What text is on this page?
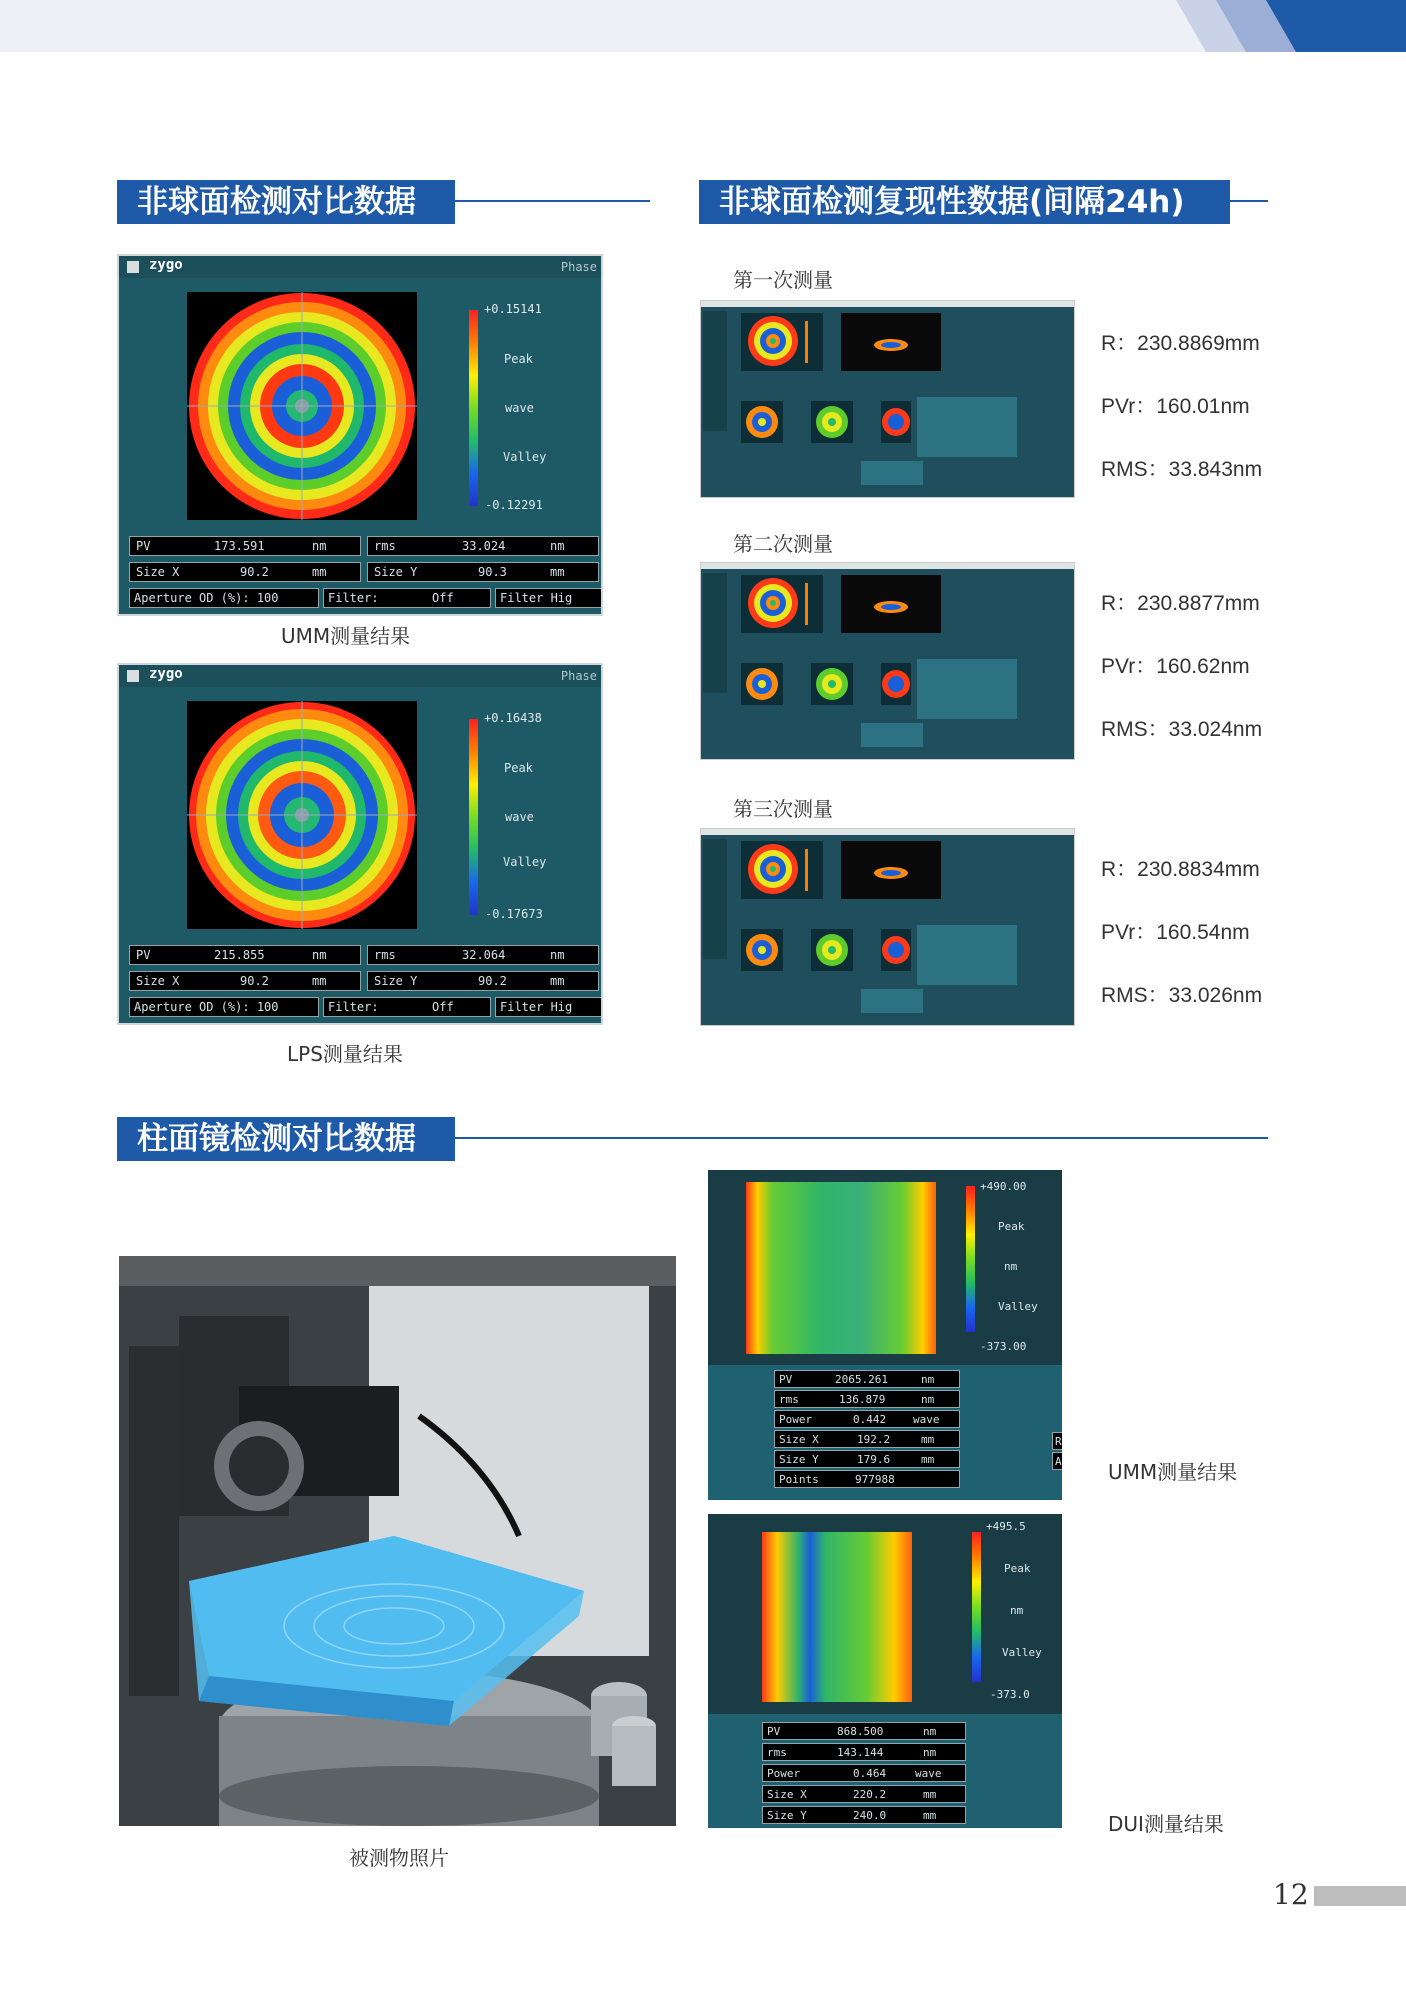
非球面检测对比数据	非球面检测复现性数据(间隔24h)
zygo	Phase
+0.15141
Peak
wave
Valley
-0.12291
PV	173.591	nm	rms	33.024	nm
Size X	90.2	mm	Size Y	90.3	mm
Aperture OD (%): 100	Filter:	Off	Filter Hig
UMM测量结果
zygo	Phase
+0.16438
Peak
wave
Valley
-0.17673
PV	215.855	nm	rms	32.064	nm
Size X	90.2	mm	Size Y	90.2	mm
Aperture OD (%): 100	Filter:	Off	Filter Hig
LPS测量结果
第一次测量
R：230.8869mm
PVr：160.01nm
RMS：33.843nm
第二次测量
R：230.8877mm
PVr：160.62nm
RMS：33.024nm
第三次测量
R：230.8834mm
PVr：160.54nm
RMS：33.026nm
柱面镜检测对比数据
被测物照片
+490.00
Peak
nm
Valley
-373.00
PV	2065.261	nm
rms	136.879	nm
Power	0.442 wave
Size X	192.2	mm
Size Y	179.6	mm
Points	977988
R
A UMM测量结果
+495.5
Peak
nm
Valley
-373.0
PV	868.500	nm
rms	143.144	nm
Power	0.464	wave
Size X	220.2	mm
Size Y	240.0	mm	DUI测量结果
12
